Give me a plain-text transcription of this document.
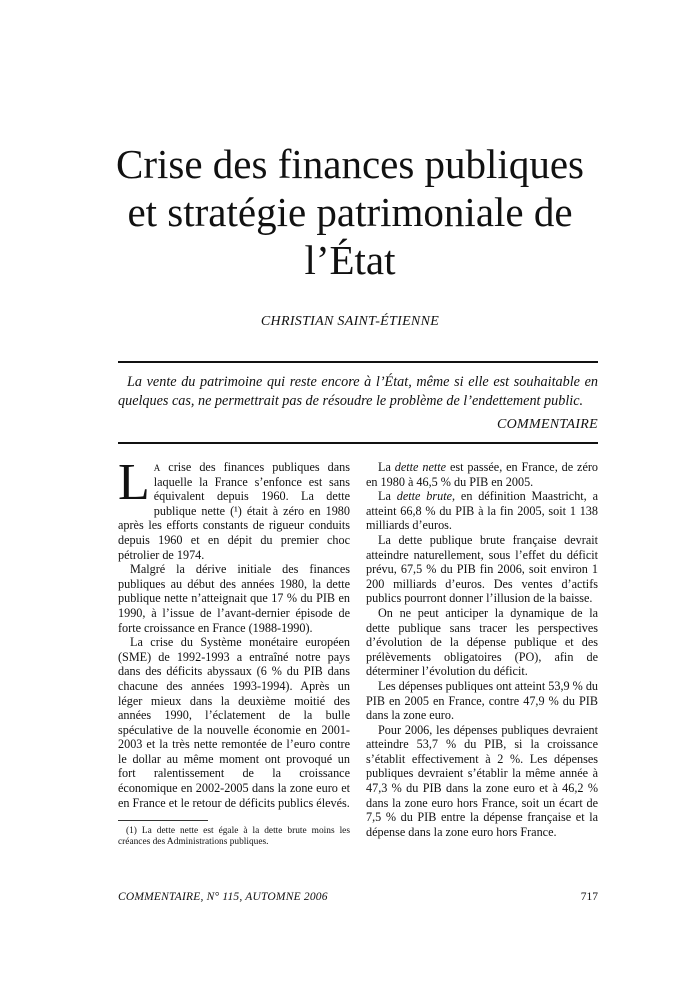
Crise des finances publiques
et stratégie patrimoniale de
l’État
CHRISTIAN SAINT-ÉTIENNE

La vente du patrimoine qui reste encore à l’État, même si elle est souhaitable en quelques cas, ne permettrait pas de résoudre le problème de l’endettement public.

COMMENTAIRE

La crise des finances publiques dans laquelle la France s’enfonce est sans équivalent depuis 1960. La dette publique nette (¹) était à zéro en 1980 après les efforts constants de rigueur conduits depuis 1960 et en dépit du premier choc pétrolier de 1974.

Malgré la dérive initiale des finances publiques au début des années 1980, la dette publique nette n’atteignait que 17 % du PIB en 1990, à l’issue de l’avant-dernier épisode de forte croissance en France (1988-1990).

La crise du Système monétaire européen (SME) de 1992-1993 a entraîné notre pays dans des déficits abyssaux (6 % du PIB dans chacune des années 1993-1994). Après un léger mieux dans la deuxième moitié des années 1990, l’éclatement de la bulle spéculative de la nouvelle économie en 2001-2003 et la très nette remontée de l’euro contre le dollar au même moment ont provoqué un fort ralentissement de la croissance économique en 2002-2005 dans la zone euro et en France et le retour de déficits publics élevés.

La dette nette est passée, en France, de zéro en 1980 à 46,5 % du PIB en 2005.

La dette brute, en définition Maastricht, a atteint 66,8 % du PIB à la fin 2005, soit 1 138 milliards d’euros.

La dette publique brute française devrait atteindre naturellement, sous l’effet du déficit prévu, 67,5 % du PIB fin 2006, soit environ 1 200 milliards d’euros. Des ventes d’actifs publics pourront donner l’illusion de la baisse.

On ne peut anticiper la dynamique de la dette publique sans tracer les perspectives d’évolution de la dépense publique et des prélèvements obligatoires (PO), afin de déterminer l’évolution du déficit.

Les dépenses publiques ont atteint 53,9 % du PIB en 2005 en France, contre 47,9 % du PIB dans la zone euro.

Pour 2006, les dépenses publiques devraient atteindre 53,7 % du PIB, si la croissance s’établit effectivement à 2 %. Les dépenses publiques devraient s’établir la même année à 47,3 % du PIB dans la zone euro et à 46,2 % dans la zone euro hors France, soit un écart de 7,5 % du PIB entre la dépense française et la dépense dans la zone euro hors France.

(1) La dette nette est égale à la dette brute moins les créances des Administrations publiques.

COMMENTAIRE, N° 115, AUTOMNE 2006	717
